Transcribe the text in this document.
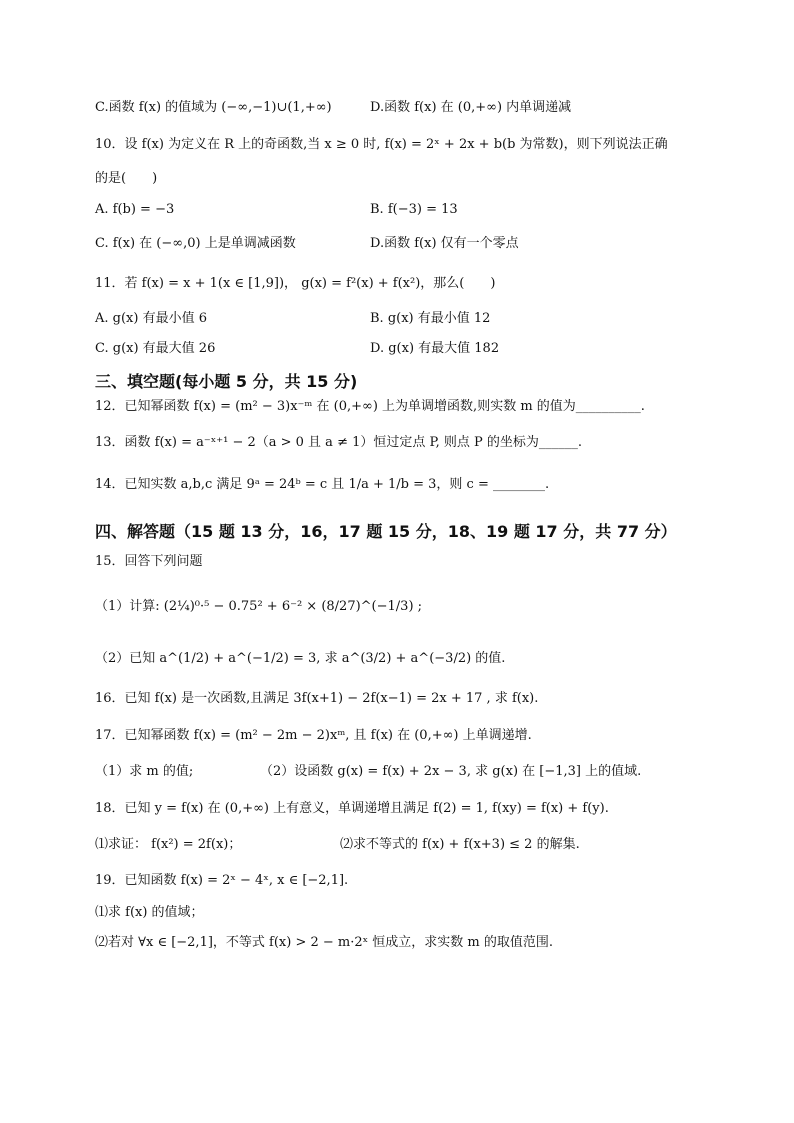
C.函数 f(x) 的值域为 (−∞,−1)∪(1,+∞)	D.函数 f(x) 在 (0,+∞) 内单调递减
10．设 f(x) 为定义在 R 上的奇函数,当 x ≥ 0 时, f(x) = 2ˣ + 2x + b(b 为常数)，则下列说法正确
的是(　　)
A. f(b) = −3	B. f(−3) = 13
C. f(x) 在 (−∞,0) 上是单调减函数	D.函数 f(x) 仅有一个零点
11．若 f(x) = x + 1(x ∈ [1,9])， g(x) = f²(x) + f(x²)，那么(　　)
A. g(x) 有最小值 6	B. g(x) 有最小值 12
C. g(x) 有最大值 26	D. g(x) 有最大值 182
三、填空题(每小题 5 分，共 15 分)
12．已知幂函数 f(x) = (m² − 3)x⁻ᵐ 在 (0,+∞) 上为单调增函数,则实数 m 的值为__________.
13．函数 f(x) = a⁻ˣ⁺¹ − 2（a > 0 且 a ≠ 1）恒过定点 P, 则点 P 的坐标为______.
14．已知实数 a,b,c 满足 9ᵃ = 24ᵇ = c 且 1/a + 1/b = 3，则 c = ________.
四、解答题（15 题 13 分，16，17 题 15 分，18、19 题 17 分，共 77 分）
15．回答下列问题
（1）计算: (2¼)⁰·⁵ − 0.75² + 6⁻² × (8/27)^(−1/3) ;
（2）已知 a^(1/2) + a^(−1/2) = 3, 求 a^(3/2) + a^(−3/2) 的值.
16．已知 f(x) 是一次函数,且满足 3f(x+1) − 2f(x−1) = 2x + 17 , 求 f(x).
17．已知幂函数 f(x) = (m² − 2m − 2)xᵐ, 且 f(x) 在 (0,+∞) 上单调递增.
（1）求 m 的值;	（2）设函数 g(x) = f(x) + 2x − 3, 求 g(x) 在 [−1,3] 上的值域.
18．已知 y = f(x) 在 (0,+∞) 上有意义，单调递增且满足 f(2) = 1, f(xy) = f(x) + f(y).
⑴求证： f(x²) = 2f(x)；	⑵求不等式的 f(x) + f(x+3) ≤ 2 的解集.
19．已知函数 f(x) = 2ˣ − 4ˣ, x ∈ [−2,1].
⑴求 f(x) 的值域；
⑵若对 ∀x ∈ [−2,1]，不等式 f(x) > 2 − m·2ˣ 恒成立，求实数 m 的取值范围.
